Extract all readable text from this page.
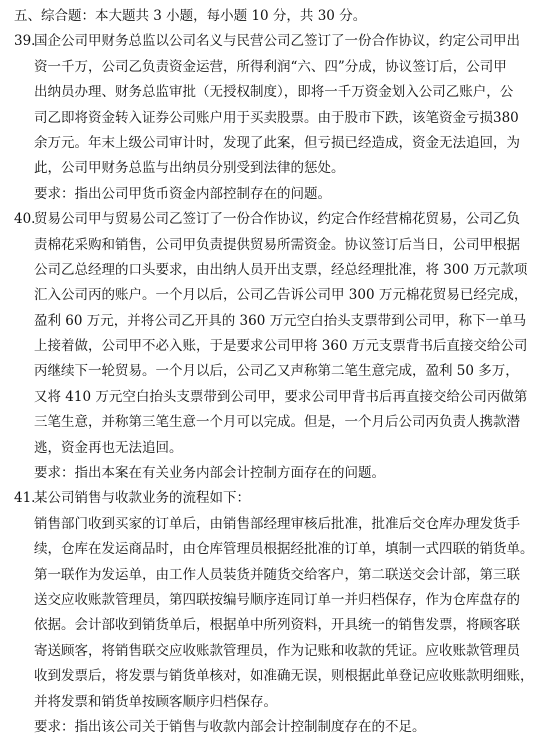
五、综合题：本大题共 3 小题，每小题 10 分，共 30 分。
39.国企公司甲财务总监以公司名义与民营公司乙签订了一份合作协议，约定公司甲出
资一千万，公司乙负责资金运营，所得利润“六、四”分成，协议签订后，公司甲
出纳员办理、财务总监审批（无授权制度），即将一千万资金划入公司乙账户，公
司乙即将资金转入证券公司账户用于买卖股票。由于股市下跌，该笔资金亏损380
余万元。年末上级公司审计时，发现了此案，但亏损已经造成，资金无法追回，为
此，公司甲财务总监与出纳员分别受到法律的惩处。
要求：指出公司甲货币资金内部控制存在的问题。
40.贸易公司甲与贸易公司乙签订了一份合作协议，约定合作经营棉花贸易，公司乙负
责棉花采购和销售，公司甲负责提供贸易所需资金。协议签订后当日，公司甲根据
公司乙总经理的口头要求，由出纳人员开出支票，经总经理批准，将 300 万元款项
汇入公司丙的账户。一个月以后，公司乙告诉公司甲 300 万元棉花贸易已经完成，
盈利 60 万元，并将公司乙开具的 360 万元空白抬头支票带到公司甲，称下一单马
上接着做，公司甲不必入账，于是要求公司甲将 360 万元支票背书后直接交给公司
丙继续下一轮贸易。一个月以后，公司乙又声称第二笔生意完成，盈利 50 多万，
又将 410 万元空白抬头支票带到公司甲，要求公司甲背书后再直接交给公司丙做第
三笔生意，并称第三笔生意一个月可以完成。但是，一个月后公司丙负责人携款潜
逃，资金再也无法追回。
要求：指出本案在有关业务内部会计控制方面存在的问题。
41.某公司销售与收款业务的流程如下：
销售部门收到买家的订单后，由销售部经理审核后批准，批准后交仓库办理发货手
续，仓库在发运商品时，由仓库管理员根据经批准的订单，填制一式四联的销货单。
第一联作为发运单，由工作人员装货并随货交给客户，第二联送交会计部，第三联
送交应收账款管理员，第四联按编号顺序连同订单一并归档保存，作为仓库盘存的
依据。会计部收到销货单后，根据单中所列资料，开具统一的销售发票，将顾客联
寄送顾客，将销售联交应收账款管理员，作为记账和收款的凭证。应收账款管理员
收到发票后，将发票与销货单核对，如准确无误，则根据此单登记应收账款明细账，
并将发票和销货单按顾客顺序归档保存。
要求：指出该公司关于销售与收款内部会计控制制度存在的不足。
